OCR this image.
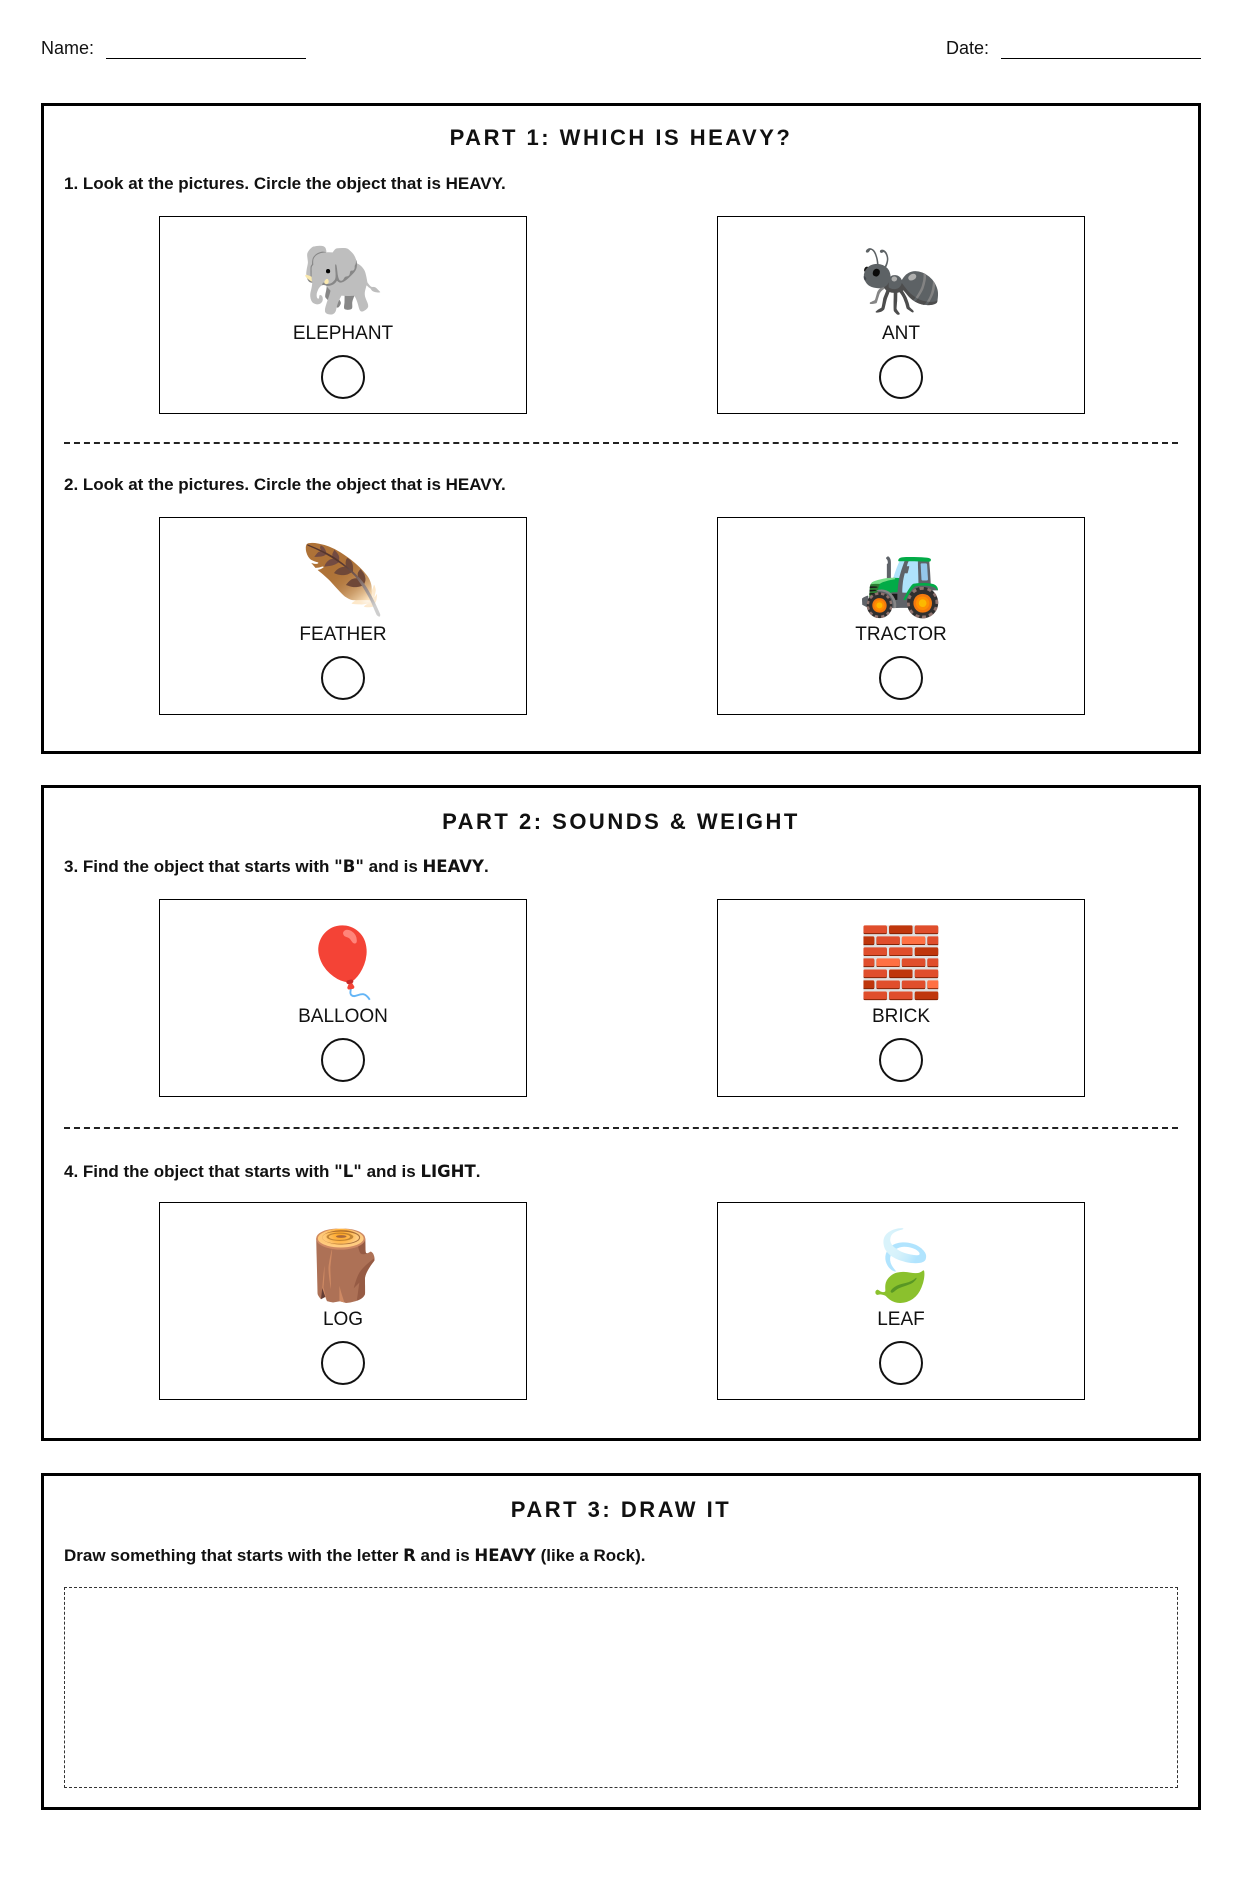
Name:	Date:
PART 1: WHICH IS HEAVY?
1. Look at the pictures. Circle the object that is HEAVY.
🐘
ELEPHANT
🐜
ANT
2. Look at the pictures. Circle the object that is HEAVY.
🪶
FEATHER
🚜
TRACTOR
PART 2: SOUNDS & WEIGHT
3. Find the object that starts with "B" and is HEAVY.
🎈
BALLOON
🧱
BRICK
4. Find the object that starts with "L" and is LIGHT.
🪵
LOG
🍃
LEAF
PART 3: DRAW IT
Draw something that starts with the letter R and is HEAVY (like a Rock).
